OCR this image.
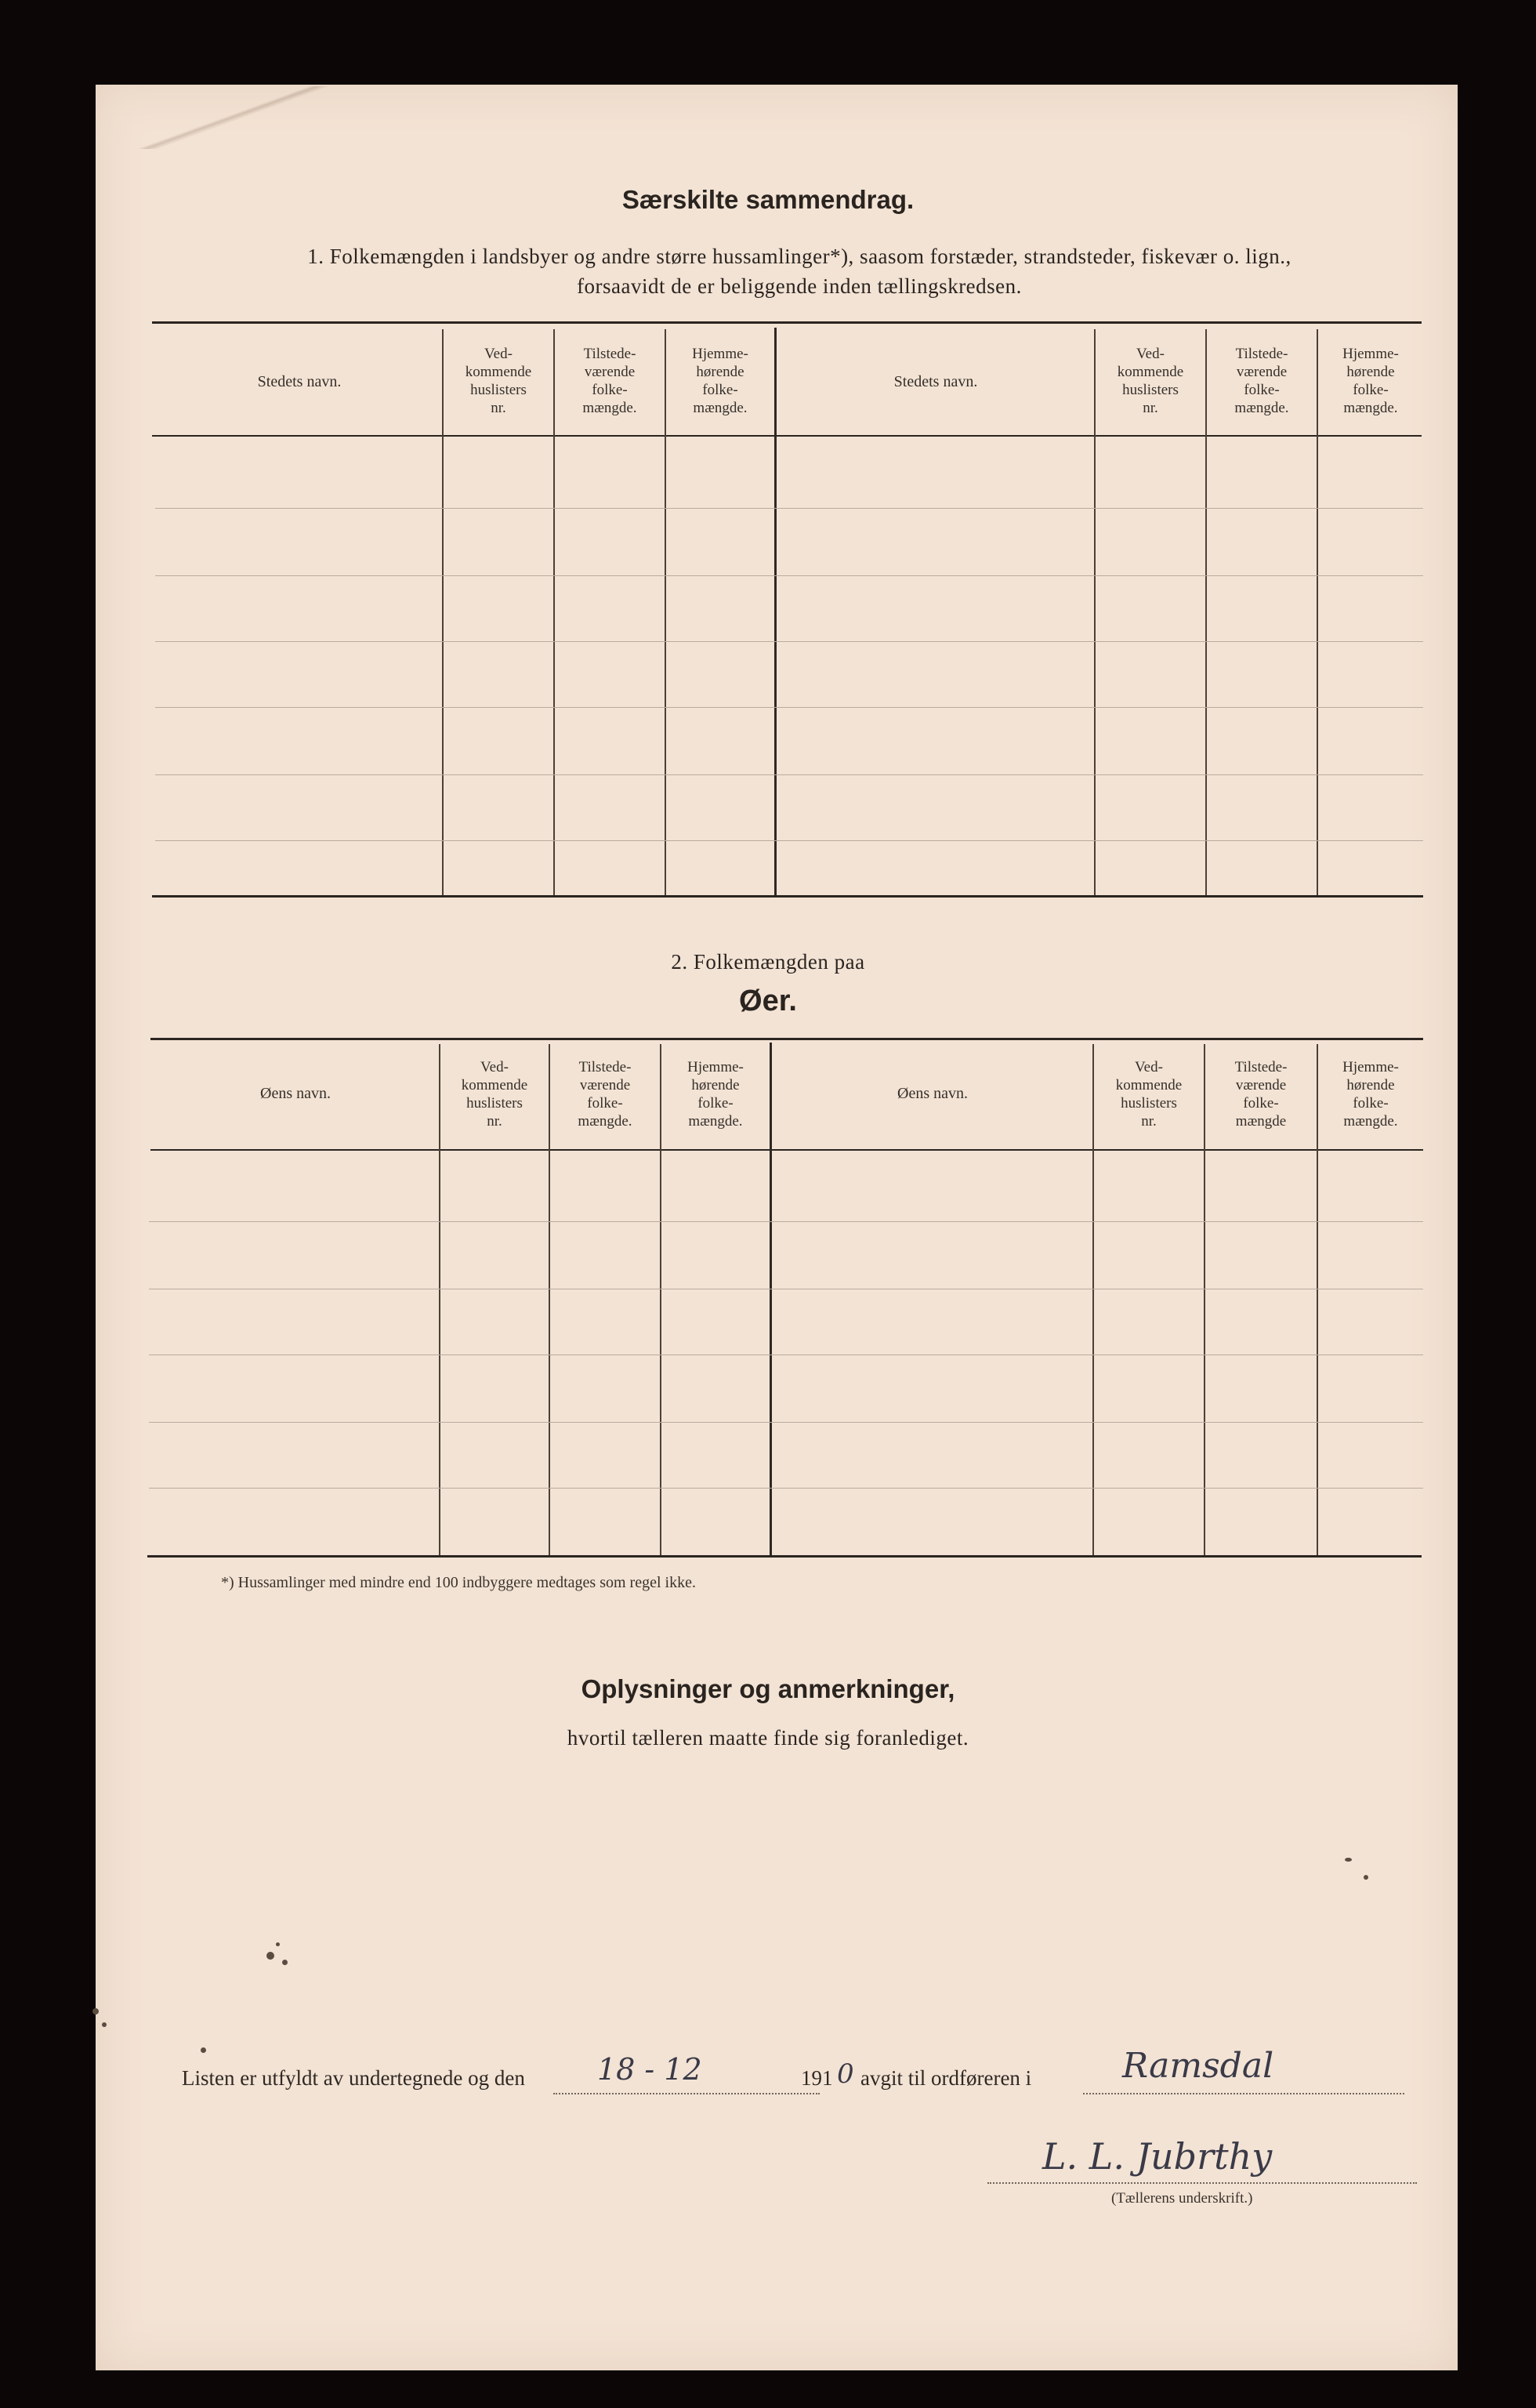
Særskilte sammendrag.
1. Folkemængden i landsbyer og andre større hussamlinger*), saasom forstæder, strandsteder, fiskevær o. lign.,
forsaavidt de er beliggende inden tællingskredsen.
Stedets navn.
Ved-
kommende
huslisters
nr.
Tilstede-
værende
folke-
mængde.
Hjemme-
hørende
folke-
mængde.
Stedets navn.
Ved-
kommende
huslisters
nr.
Tilstede-
værende
folke-
mængde.
Hjemme-
hørende
folke-
mængde.
2. Folkemængden paa
Øer.
Øens navn.
Ved-
kommende
huslisters
nr.
Tilstede-
værende
folke-
mængde.
Hjemme-
hørende
folke-
mængde.
Øens navn.
Ved-
kommende
huslisters
nr.
Tilstede-
værende
folke-
mængde
Hjemme-
hørende
folke-
mængde.
*) Hussamlinger med mindre end 100 indbyggere medtages som regel ikke.
Oplysninger og anmerkninger,
hvortil tælleren maatte finde sig foranlediget.
Listen er utfyldt av undertegnede og den 18 - 12	191 0 avgit til ordføreren i	Ramsdal
L. L. Jubrthy
(Tællerens underskrift.)
